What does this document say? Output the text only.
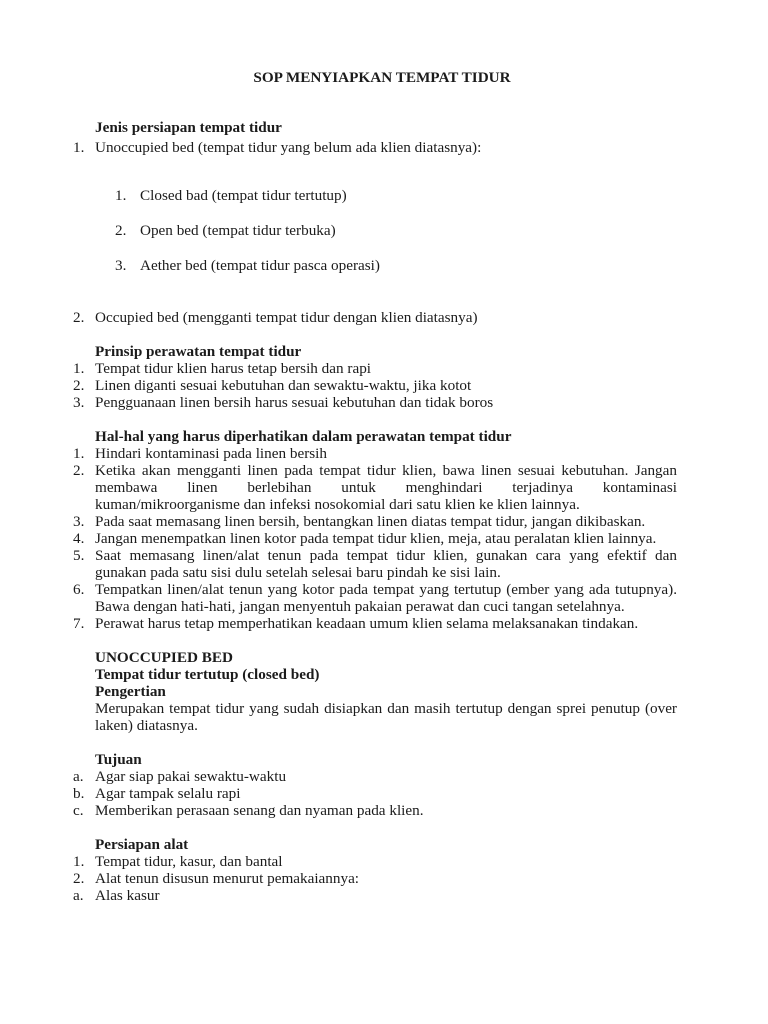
SOP MENYIAPKAN TEMPAT TIDUR
Jenis persiapan tempat tidur
1. Unoccupied bed (tempat tidur yang belum ada klien diatasnya):
1. Closed bad (tempat tidur tertutup)
2. Open bed (tempat tidur terbuka)
3. Aether bed (tempat tidur pasca operasi)
2. Occupied bed (mengganti tempat tidur dengan klien diatasnya)
Prinsip perawatan tempat tidur
1. Tempat tidur klien harus tetap bersih dan rapi
2. Linen diganti sesuai kebutuhan dan sewaktu-waktu, jika kotot
3. Pengguanaan linen bersih harus sesuai kebutuhan dan tidak boros
Hal-hal yang harus diperhatikan dalam perawatan tempat tidur
1. Hindari kontaminasi pada linen bersih
2. Ketika akan mengganti linen pada tempat tidur klien, bawa linen sesuai kebutuhan. Jangan
membawa linen berlebihan untuk menghindari terjadinya kontaminasi
kuman/mikroorganisme dan infeksi nosokomial dari satu klien ke klien lainnya.
3. Pada saat memasang linen bersih, bentangkan linen diatas tempat tidur, jangan dikibaskan.
4. Jangan menempatkan linen kotor pada tempat tidur klien, meja, atau peralatan klien lainnya.
5. Saat memasang linen/alat tenun pada tempat tidur klien, gunakan cara yang efektif dan
gunakan pada satu sisi dulu setelah selesai baru pindah ke sisi lain.
6. Tempatkan linen/alat tenun yang kotor pada tempat yang tertutup (ember yang ada tutupnya).
Bawa dengan hati-hati, jangan menyentuh pakaian perawat dan cuci tangan setelahnya.
7. Perawat harus tetap memperhatikan keadaan umum klien selama melaksanakan tindakan.
UNOCCUPIED BED
Tempat tidur tertutup (closed bed)
Pengertian
Merupakan tempat tidur yang sudah disiapkan dan masih tertutup dengan sprei penutup (over
laken) diatasnya.
Tujuan
a. Agar siap pakai sewaktu-waktu
b. Agar tampak selalu rapi
c. Memberikan perasaan senang dan nyaman pada klien.
Persiapan alat
1. Tempat tidur, kasur, dan bantal
2. Alat tenun disusun menurut pemakaiannya:
a. Alas kasur
